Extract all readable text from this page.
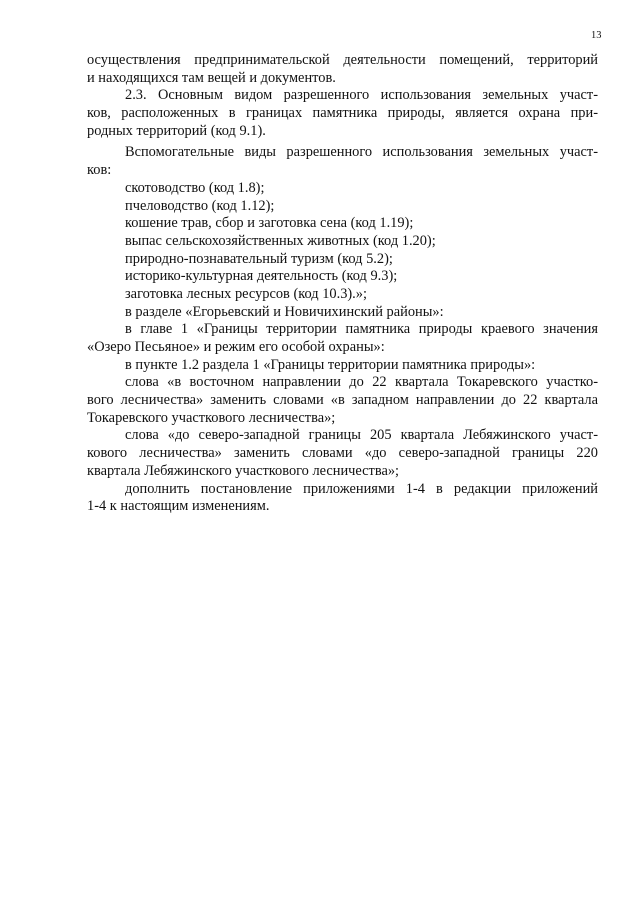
13
осуществления предпринимательской деятельности помещений, территорий
и находящихся там вещей и документов.
2.3. Основным видом разрешенного использования земельных участ-
ков, расположенных в границах памятника природы, является охрана при-
родных территорий (код 9.1).
Вспомогательные виды разрешенного использования земельных участ-
ков:
скотоводство (код 1.8);
пчеловодство (код 1.12);
кошение трав, сбор и заготовка сена (код 1.19);
выпас сельскохозяйственных животных (код 1.20);
природно-познавательный туризм (код 5.2);
историко-культурная деятельность (код 9.3);
заготовка лесных ресурсов (код 10.3).»;
в разделе «Егорьевский и Новичихинский районы»:
в главе 1 «Границы территории памятника природы краевого значения
«Озеро Песьяное» и режим его особой охраны»:
в пункте 1.2 раздела 1 «Границы территории памятника природы»:
слова «в восточном направлении до 22 квартала Токаревского участко-
вого лесничества» заменить словами «в западном направлении до 22 квартала
Токаревского участкового лесничества»;
слова «до северо-западной границы 205 квартала Лебяжинского участ-
кового лесничества» заменить словами «до северо-западной границы 220
квартала Лебяжинского участкового лесничества»;
дополнить постановление приложениями 1-4 в редакции приложений
1-4 к настоящим изменениям.
